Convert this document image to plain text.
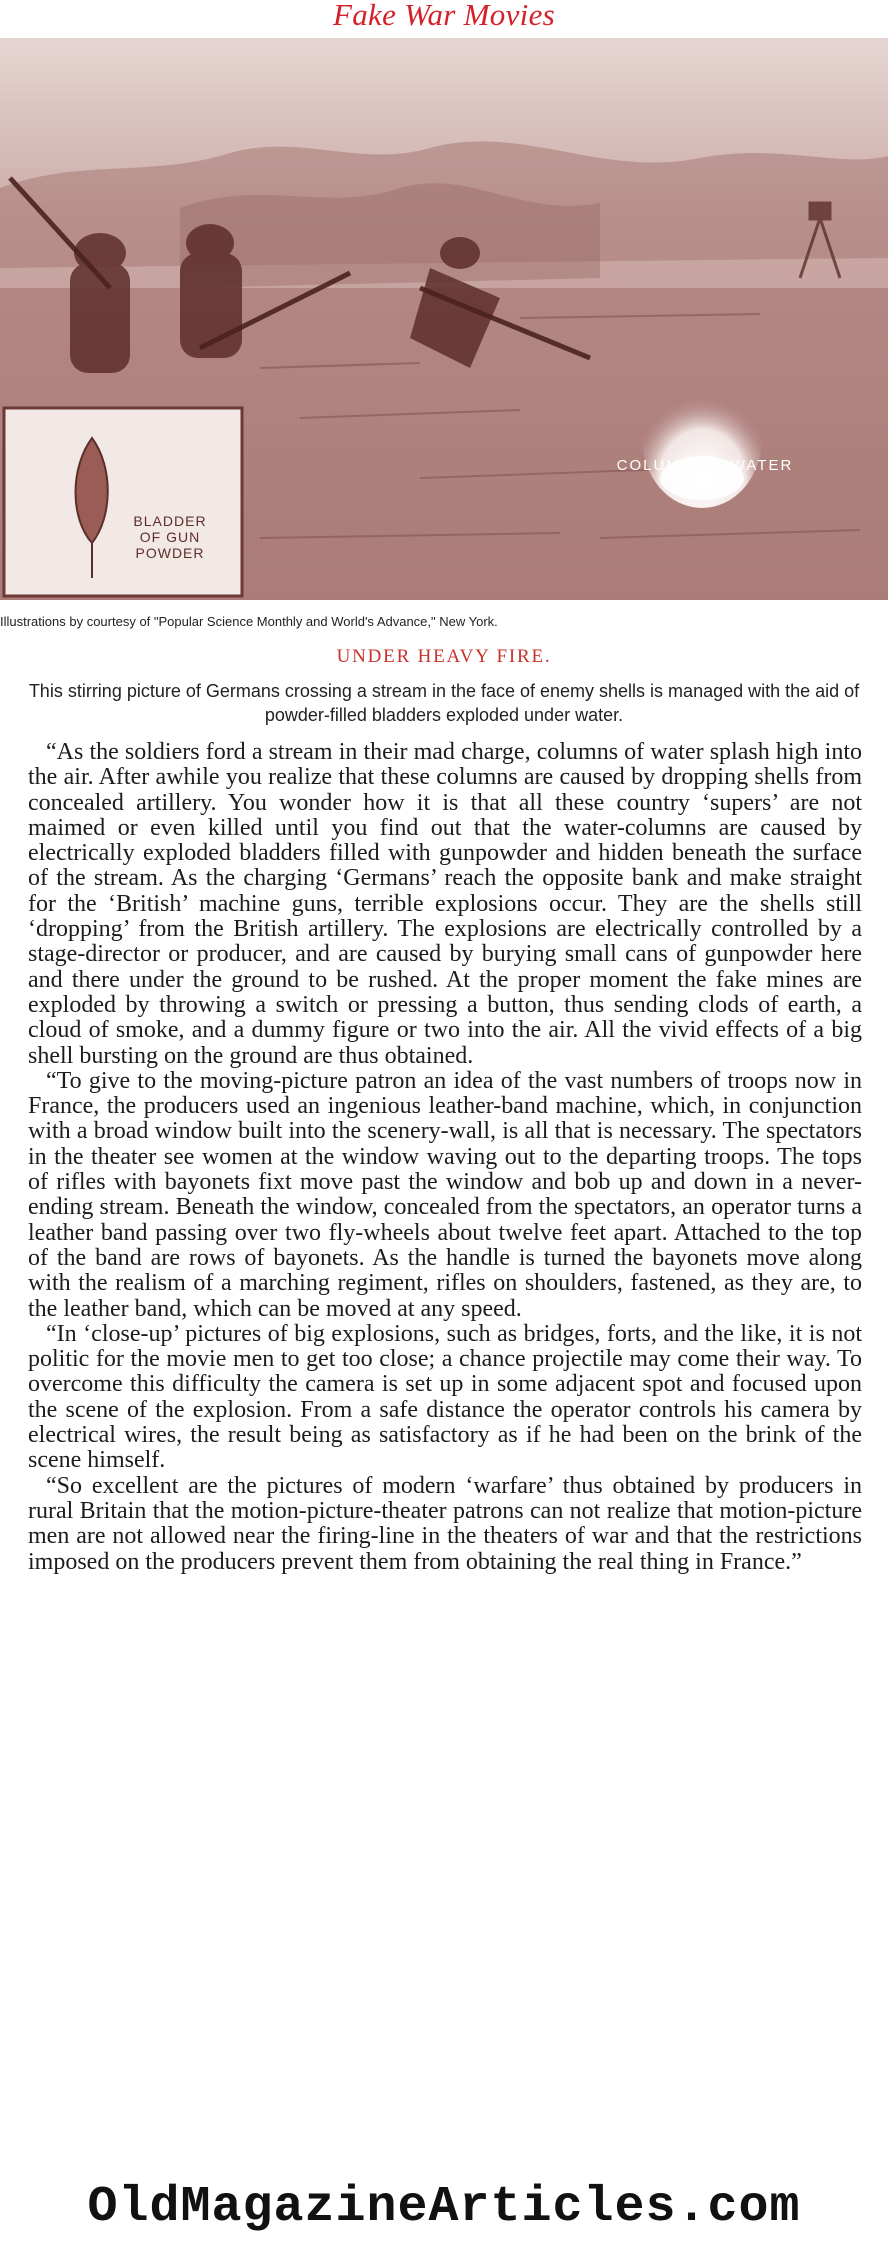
Fake War Movies
COLUMN OF WATER
BLADDER
OF GUN
POWDER
Illustrations by courtesy of "Popular Science Monthly and World's Advance," New York.
UNDER HEAVY FIRE.
This stirring picture of Germans crossing a stream in the face of enemy shells is managed with the aid of powder-filled bladders exploded under water.

“As the soldiers ford a stream in their mad charge, columns of water splash high into the air. After awhile you realize that these columns are caused by dropping shells from concealed artillery. You wonder how it is that all these country ‘supers’ are not maimed or even killed until you find out that the water-columns are caused by electrically exploded bladders filled with gunpowder and hidden beneath the surface of the stream. As the charging ‘Germans’ reach the opposite bank and make straight for the ‘British’ machine guns, terrible explosions occur. They are the shells still ‘dropping’ from the British artillery. The explosions are electrically controlled by a stage-director or producer, and are caused by burying small cans of gunpowder here and there under the ground to be rushed. At the proper moment the fake mines are exploded by throwing a switch or pressing a button, thus sending clods of earth, a cloud of smoke, and a dummy figure or two into the air. All the vivid effects of a big shell bursting on the ground are thus obtained.

“To give to the moving-picture patron an idea of the vast numbers of troops now in France, the producers used an ingenious leather-band machine, which, in conjunction with a broad window built into the scenery-wall, is all that is necessary. The spectators in the theater see women at the window waving out to the departing troops. The tops of rifles with bayonets fixt move past the window and bob up and down in a never-ending stream. Beneath the window, concealed from the spectators, an operator turns a leather band passing over two fly-wheels about twelve feet apart. Attached to the top of the band are rows of bayonets. As the handle is turned the bayonets move along with the realism of a marching regiment, rifles on shoulders, fastened, as they are, to the leather band, which can be moved at any speed.

“In ‘close-up’ pictures of big explosions, such as bridges, forts, and the like, it is not politic for the movie men to get too close; a chance projectile may come their way. To overcome this difficulty the camera is set up in some adjacent spot and focused upon the scene of the explosion. From a safe distance the operator controls his camera by electrical wires, the result being as satisfactory as if he had been on the brink of the scene himself.

“So excellent are the pictures of modern ‘warfare’ thus obtained by producers in rural Britain that the motion-picture-theater patrons can not realize that motion-picture men are not allowed near the firing-line in the theaters of war and that the restrictions imposed on the producers prevent them from obtaining the real thing in France.”

OldMagazineArticles.com
